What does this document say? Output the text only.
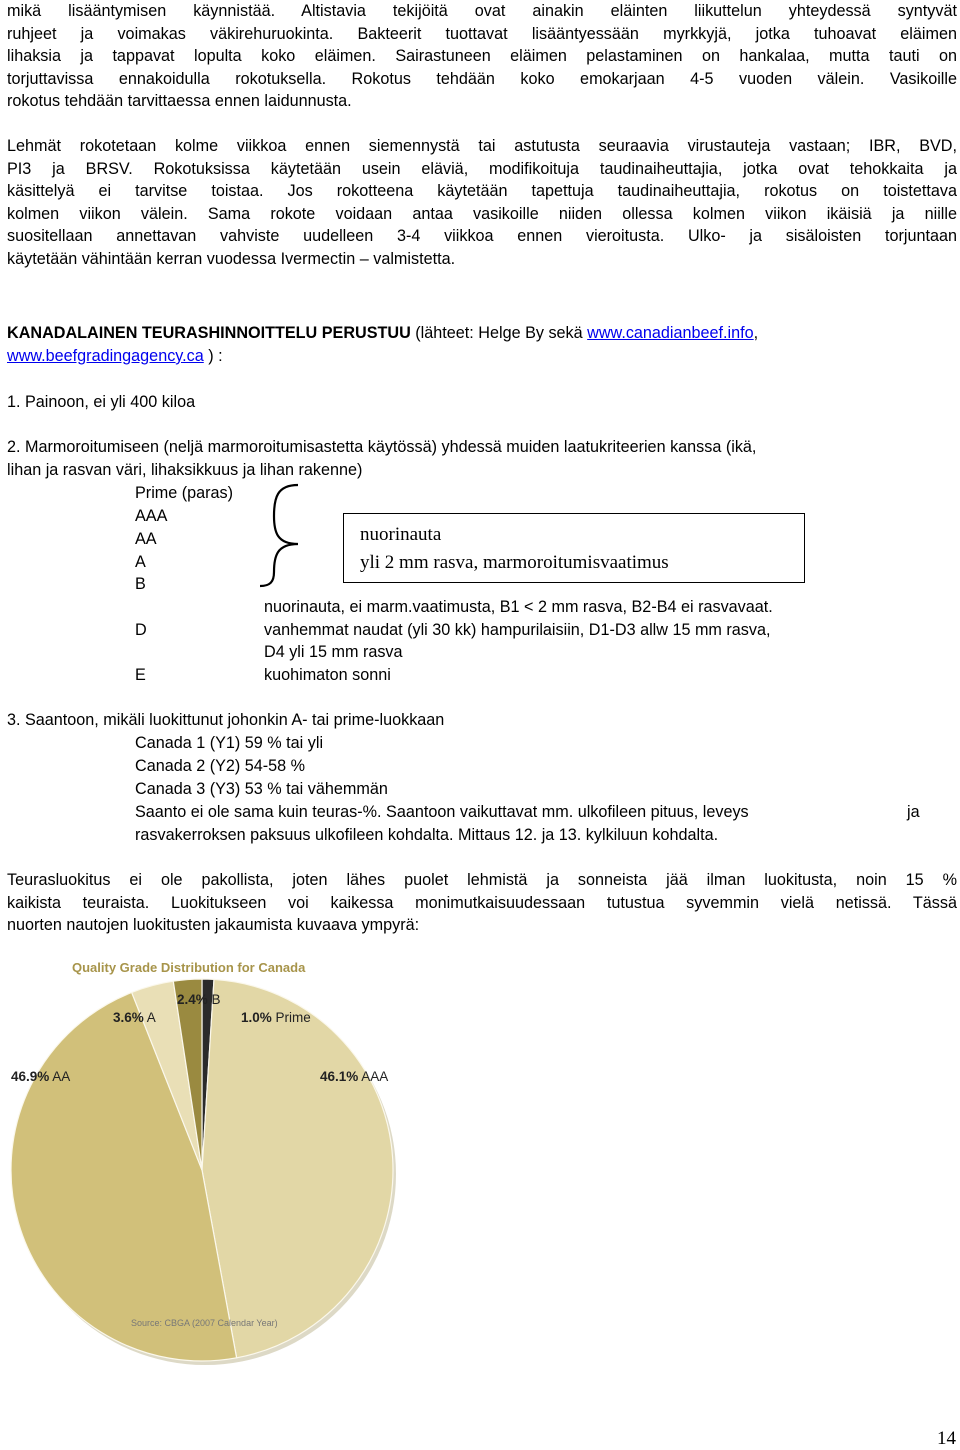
mikä lisääntymisen käynnistää. Altistavia tekijöitä ovat ainakin eläinten liikuttelun yhteydessä syntyvät
ruhjeet ja voimakas väkirehuruokinta. Bakteerit tuottavat lisääntyessään myrkkyjä, jotka tuhoavat eläimen
lihaksia ja tappavat lopulta koko eläimen. Sairastuneen eläimen pelastaminen on hankalaa, mutta tauti on
torjuttavissa ennakoidulla rokotuksella. Rokotus tehdään koko emokarjaan 4-5 vuoden välein. Vasikoille
rokotus tehdään tarvittaessa ennen laidunnusta.

Lehmät rokotetaan kolme viikkoa ennen siemennystä tai astutusta seuraavia virustauteja vastaan; IBR, BVD,
PI3 ja BRSV. Rokotuksissa käytetään usein eläviä, modifikoituja taudinaiheuttajia, jotka ovat tehokkaita ja
käsittelyä ei tarvitse toistaa. Jos rokotteena käytetään tapettuja taudinaiheuttajia, rokotus on toistettava
kolmen viikon välein. Sama rokote voidaan antaa vasikoille niiden ollessa kolmen viikon ikäisiä ja niille
suositellaan annettavan vahviste uudelleen 3-4 viikkoa ennen vieroitusta. Ulko- ja sisäloisten torjuntaan
käytetään vähintään kerran vuodessa Ivermectin – valmistetta.

KANADALAINEN TEURASHINNOITTELU PERUSTUU (lähteet: Helge By sekä www.canadianbeef.info,
www.beefgradingagency.ca ) :
1. Painoon, ei yli 400 kiloa
2. Marmoroitumiseen (neljä marmoroitumisastetta käytössä) yhdessä muiden laatukriteerien kanssa (ikä,
lihan ja rasvan väri, lihaksikkuus ja lihan rakenne)
Prime (paras)
AAA
AA
A
B
nuorinauta
yli 2 mm rasva, marmoroitumisvaatimus
nuorinauta, ei marm.vaatimusta, B1 < 2 mm rasva, B2-B4 ei rasvavaat.
D	vanhemmat naudat (yli 30 kk) hampurilaisiin, D1-D3 allw 15 mm rasva,
D4 yli 15 mm rasva
E	kuohimaton sonni
3. Saantoon, mikäli luokittunut johonkin A- tai prime-luokkaan
Canada 1 (Y1) 59 % tai yli
Canada 2 (Y2) 54-58 %
Canada 3 (Y3) 53 % tai vähemmän
Saanto ei ole sama kuin teuras-%. Saantoon vaikuttavat mm. ulkofileen pituus, leveys	ja
rasvakerroksen paksuus ulkofileen kohdalta. Mittaus 12. ja 13. kylkiluun kohdalta.

Teurasluokitus ei ole pakollista, joten lähes puolet lehmistä ja sonneista jää ilman luokitusta, noin 15 %
kaikista teuraista. Luokitukseen voi kaikessa monimutkaisuudessaan tutustua syvemmin vielä netissä. Tässä
nuorten nautojen luokitusten jakaumista kuvaava ympyrä:

Quality Grade Distribution for Canada
2.4% B
3.6% A	1.0% Prime
46.9% AA	46.1% AAA
Source: CBGA (2007 Calendar Year)
14
